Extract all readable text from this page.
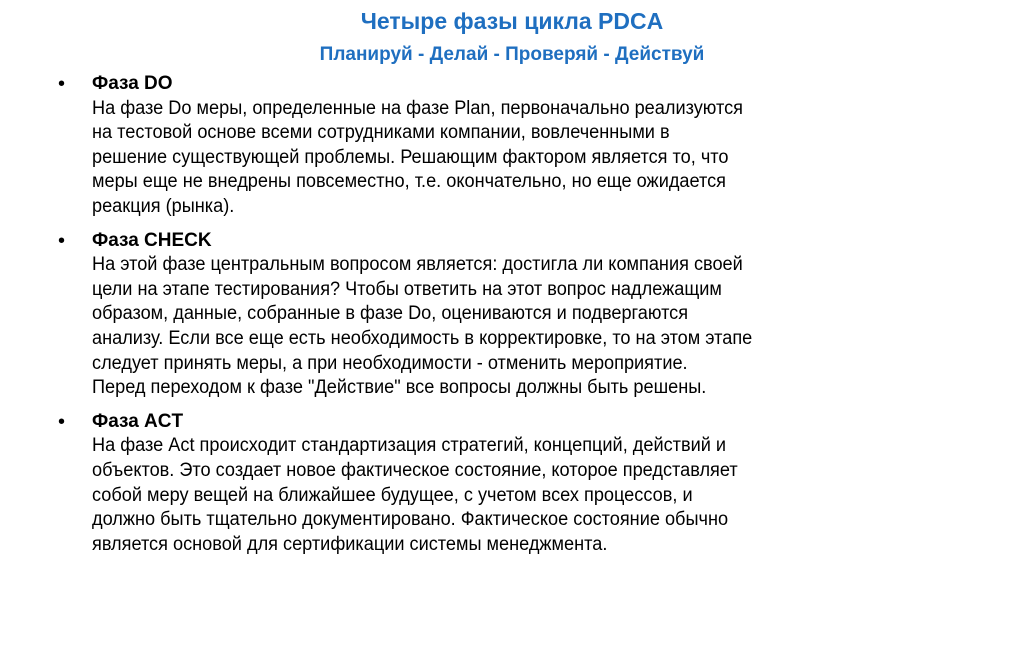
Четыре фазы цикла PDCA
Планируй - Делай - Проверяй - Действуй
• Фаза DO
На фазе Do меры, определенные на фазе Plan, первоначально реализуются
на тестовой основе всеми сотрудниками компании, вовлеченными в
решение существующей проблемы. Решающим фактором является то, что
меры еще не внедрены повсеместно, т.е. окончательно, но еще ожидается
реакция (рынка).
• Фаза CHECK
На этой фазе центральным вопросом является: достигла ли компания своей
цели на этапе тестирования? Чтобы ответить на этот вопрос надлежащим
образом, данные, собранные в фазе Do, оцениваются и подвергаются
анализу. Если все еще есть необходимость в корректировке, то на этом этапе
следует принять меры, а при необходимости - отменить мероприятие.
Перед переходом к фазе "Действие" все вопросы должны быть решены.
• Фаза ACT
На фазе Act происходит стандартизация стратегий, концепций, действий и
объектов. Это создает новое фактическое состояние, которое представляет
собой меру вещей на ближайшее будущее, с учетом всех процессов, и
должно быть тщательно документировано. Фактическое состояние обычно
является основой для сертификации системы менеджмента.
